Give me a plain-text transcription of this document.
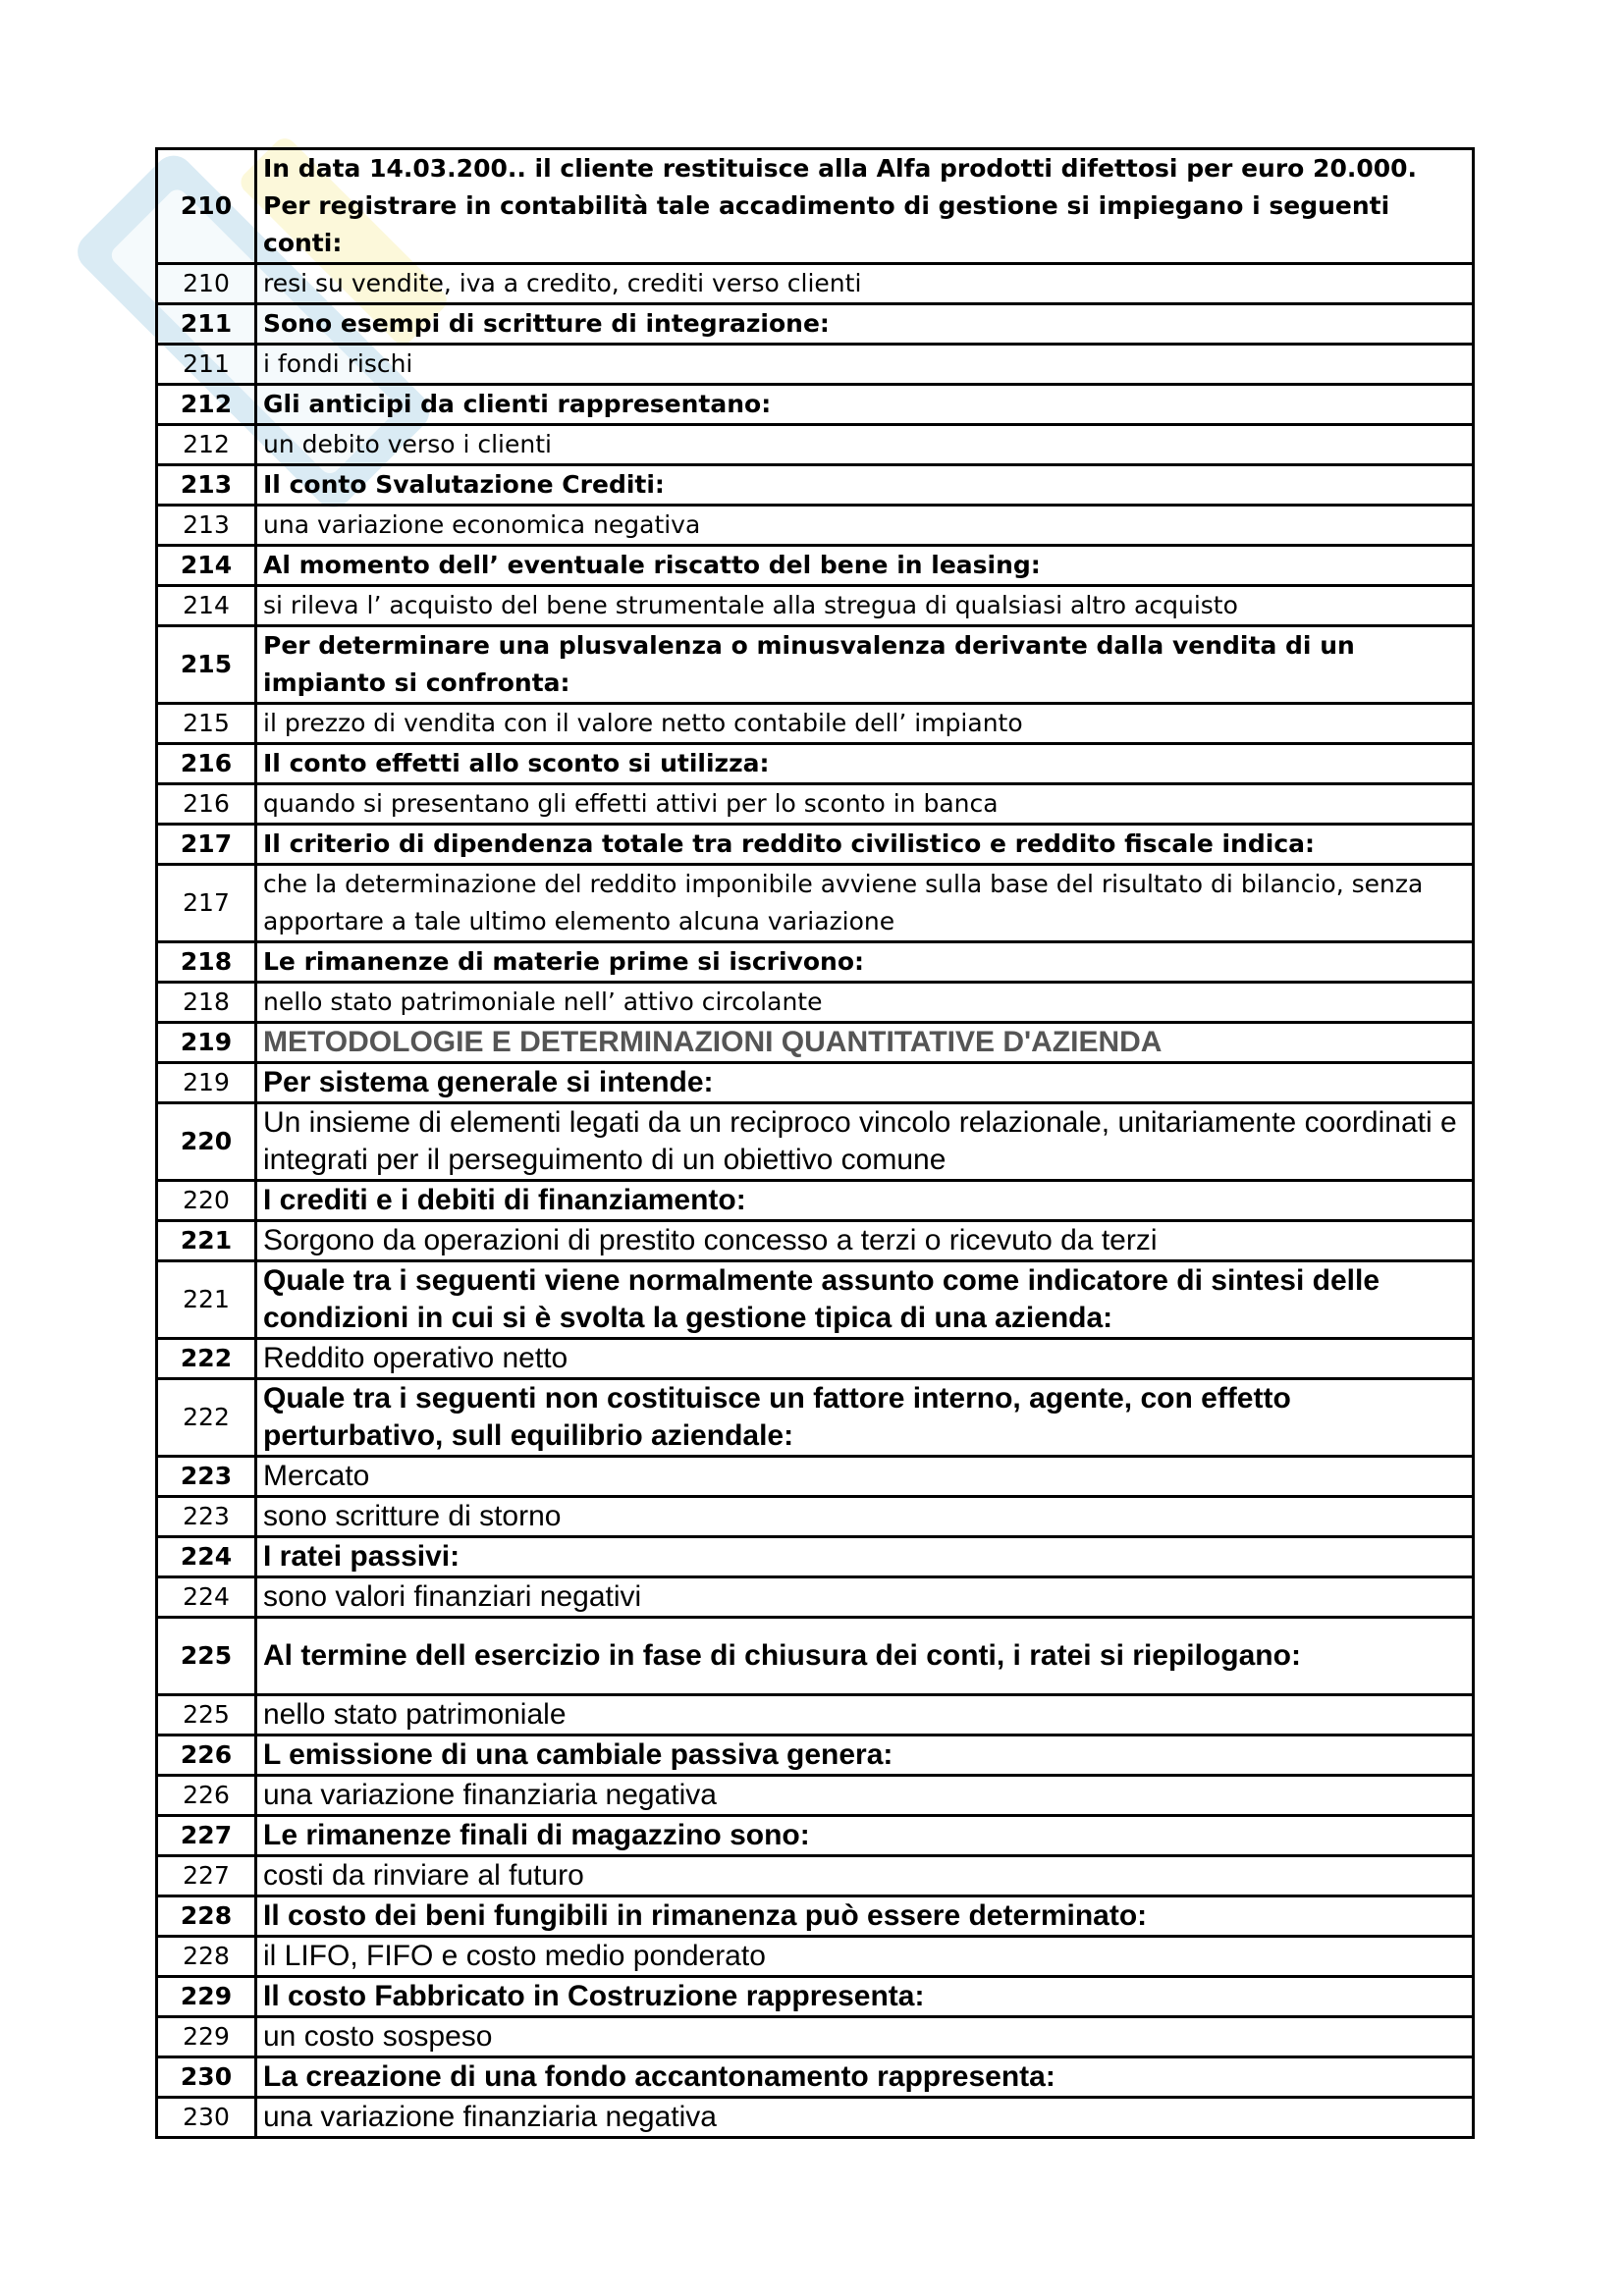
210	In data 14.03.200.. il cliente restituisce alla Alfa prodotti difettosi per euro 20.000. Per registrare in contabilità tale accadimento di gestione si impiegano i seguenti conti:
210	resi su vendite, iva a credito, crediti verso clienti
211	Sono esempi di scritture di integrazione:
211	i fondi rischi
212	Gli anticipi da clienti rappresentano:
212	un debito verso i clienti
213	Il conto Svalutazione Crediti:
213	una variazione economica negativa
214	Al momento dell’ eventuale riscatto del bene in leasing:
214	si rileva l’ acquisto del bene strumentale alla stregua di qualsiasi altro acquisto
215	Per determinare una plusvalenza o minusvalenza derivante dalla vendita di un impianto si confronta:
215	il prezzo di vendita con il valore netto contabile dell’ impianto
216	Il conto effetti allo sconto si utilizza:
216	quando si presentano gli effetti attivi per lo sconto in banca
217	Il criterio di dipendenza totale tra reddito civilistico e reddito fiscale indica:
217	che la determinazione del reddito imponibile avviene sulla base del risultato di bilancio, senza apportare a tale ultimo elemento alcuna variazione
218	Le rimanenze di materie prime si iscrivono:
218	nello stato patrimoniale nell’ attivo circolante
219	METODOLOGIE E DETERMINAZIONI QUANTITATIVE D'AZIENDA
219	Per sistema generale si intende:
220	Un insieme di elementi legati da un reciproco vincolo relazionale, unitariamente coordinati e integrati per il perseguimento di un obiettivo comune
220	I crediti e i debiti di finanziamento:
221	Sorgono da operazioni di prestito concesso a terzi o ricevuto da terzi
221	Quale tra i seguenti viene normalmente assunto come indicatore di sintesi delle condizioni in cui si è svolta la gestione tipica di una azienda:
222	Reddito operativo netto
222	Quale tra i seguenti non costituisce un fattore interno, agente, con effetto perturbativo, sull equilibrio aziendale:
223	Mercato
223	sono scritture di storno
224	I ratei passivi:
224	sono valori finanziari negativi
225	Al termine dell esercizio in fase di chiusura dei conti, i ratei si riepilogano:
225	nello stato patrimoniale
226	L emissione di una cambiale passiva genera:
226	una variazione finanziaria negativa
227	Le rimanenze finali di magazzino sono:
227	costi da rinviare al futuro
228	Il costo dei beni fungibili in rimanenza può essere determinato:
228	il LIFO, FIFO e costo medio ponderato
229	Il costo Fabbricato in Costruzione rappresenta:
229	un costo sospeso
230	La creazione di una fondo accantonamento rappresenta:
230	una variazione finanziaria negativa
